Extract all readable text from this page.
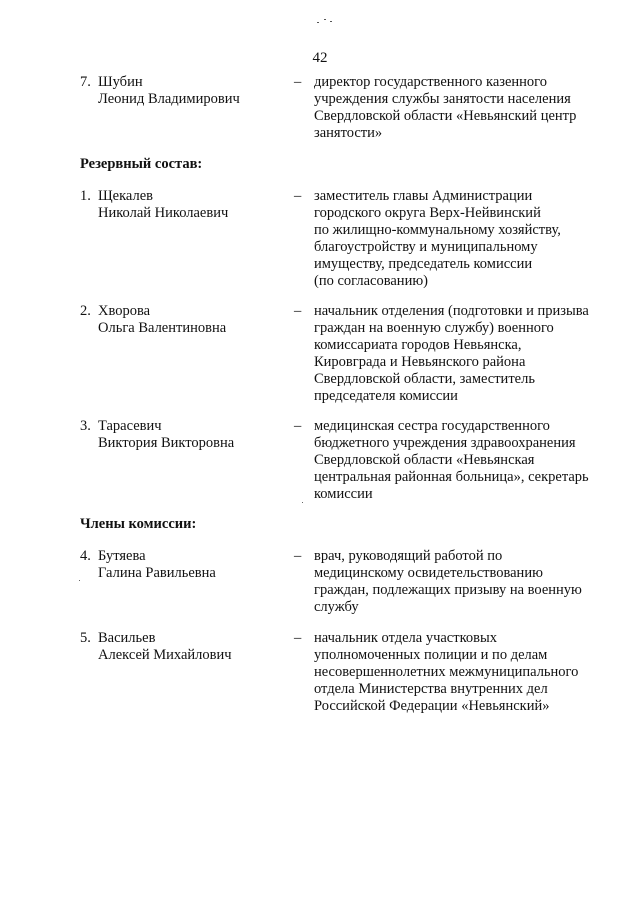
42
7. Шубин
Леонид Владимирович
– директор государственного казенного
учреждения службы занятости населения
Свердловской области «Невьянский центр
занятости»
Резервный состав:
1. Щекалев
Николай Николаевич
– заместитель главы Администрации
городского округа Верх-Нейвинский
по жилищно-коммунальному хозяйству,
благоустройству и муниципальному
имуществу, председатель комиссии
(по согласованию)
2. Хворова
Ольга Валентиновна
– начальник отделения (подготовки и призыва
граждан на военную службу) военного
комиссариата городов Невьянска,
Кировграда и Невьянского района
Свердловской области, заместитель
председателя комиссии
3. Тарасевич
Виктория Викторовна
– медицинская сестра государственного
бюджетного учреждения здравоохранения
Свердловской области «Невьянская
центральная районная больница», секретарь
комиссии
Члены комиссии:
4. Бутяева
Галина Равильевна
– врач, руководящий работой по
медицинскому освидетельствованию
граждан, подлежащих призыву на военную
службу
5. Васильев
Алексей Михайлович
– начальник отдела участковых
уполномоченных полиции и по делам
несовершеннолетних межмуниципального
отдела Министерства внутренних дел
Российской Федерации «Невьянский»
